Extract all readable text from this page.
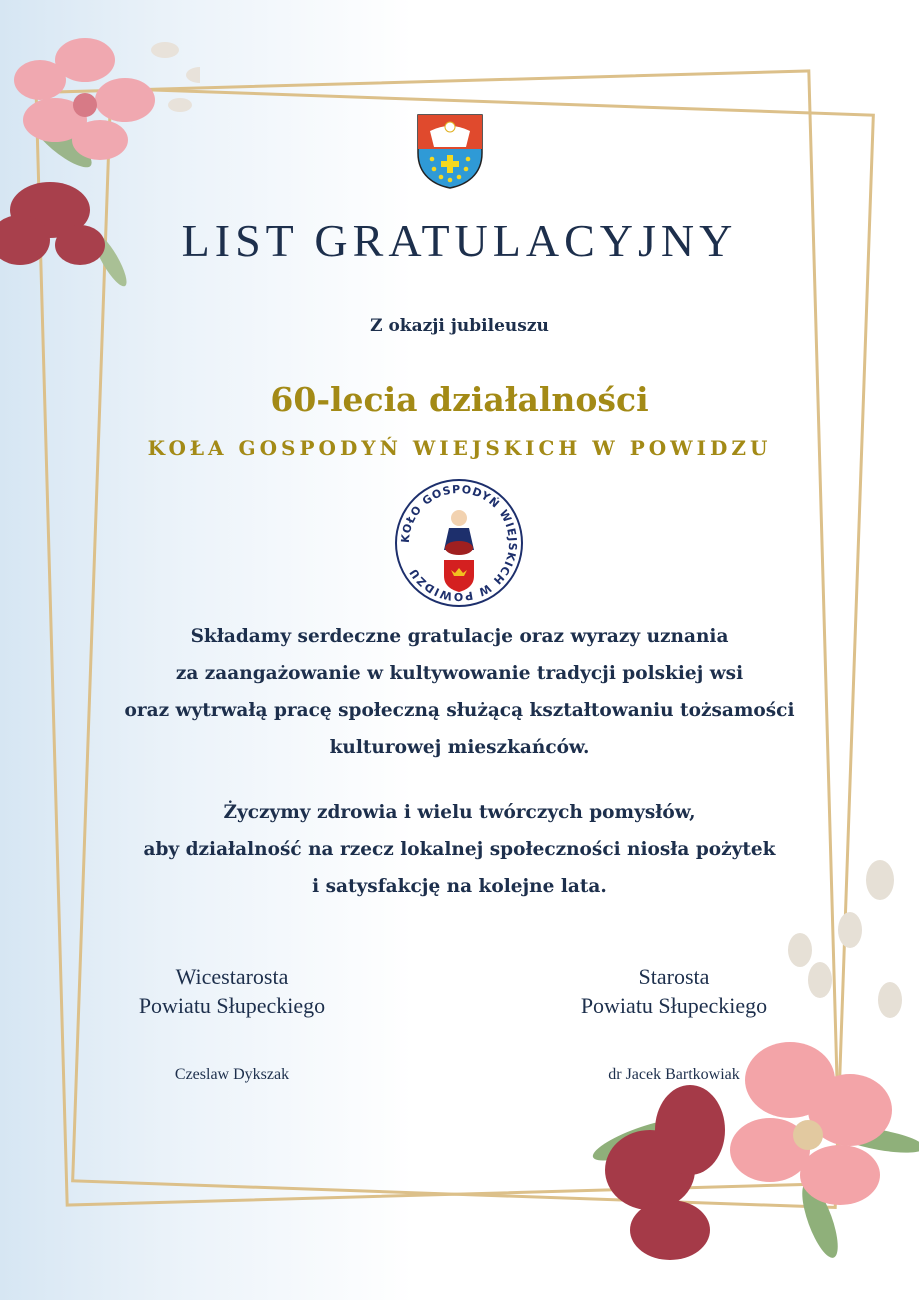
LIST GRATULACYJNY
Z okazji jubileuszu
60-lecia działalności
KOŁA GOSPODYŃ WIEJSKICH W POWIDZU
KOŁO GOSPODYŃ WIEJSKICH W POWIDZU
Składamy serdeczne gratulacje oraz wyrazy uznania
za zaangażowanie w kultywowanie tradycji polskiej wsi
oraz wytrwałą pracę społeczną służącą kształtowaniu tożsamości
kulturowej mieszkańców.
Życzymy zdrowia i wielu twórczych pomysłów,
aby działalność na rzecz lokalnej społeczności niosła pożytek
i satysfakcję na kolejne lata.
Wicestarosta
Powiatu Słupeckiego
Czeslaw Dykszak
Starosta
Powiatu Słupeckiego
dr Jacek Bartkowiak
